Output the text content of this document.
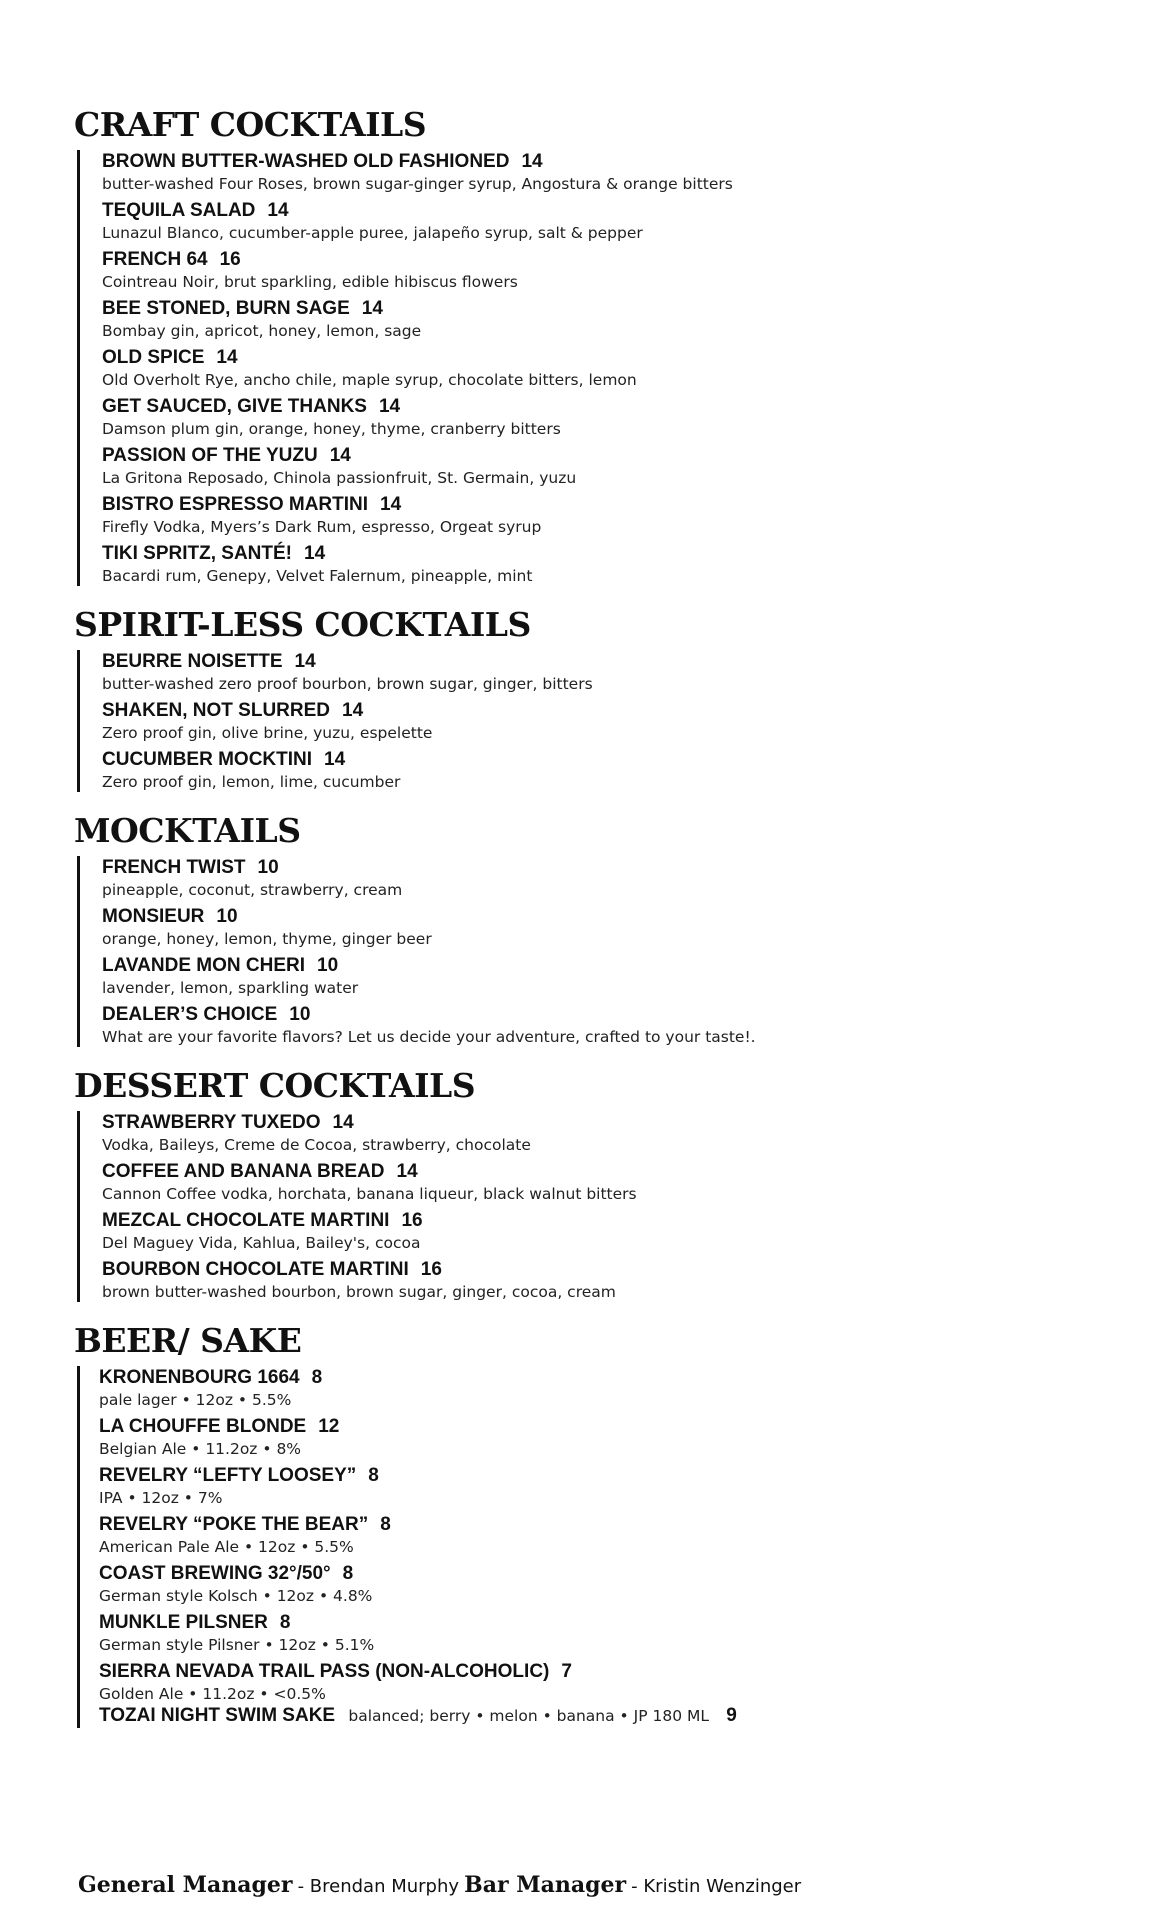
CRAFT COCKTAILS
BROWN BUTTER-WASHED OLD FASHIONED 14
butter-washed Four Roses, brown sugar-ginger syrup, Angostura & orange bitters
TEQUILA SALAD 14
Lunazul Blanco, cucumber-apple puree, jalapeño syrup, salt & pepper
FRENCH 64 16
Cointreau Noir, brut sparkling, edible hibiscus flowers
BEE STONED, BURN SAGE 14
Bombay gin, apricot, honey, lemon, sage
OLD SPICE 14
Old Overholt Rye, ancho chile, maple syrup, chocolate bitters, lemon
GET SAUCED, GIVE THANKS 14
Damson plum gin, orange, honey, thyme, cranberry bitters
PASSION OF THE YUZU 14
La Gritona Reposado, Chinola passionfruit, St. Germain, yuzu
BISTRO ESPRESSO MARTINI 14
Firefly Vodka, Myers’s Dark Rum, espresso, Orgeat syrup
TIKI SPRITZ, SANTÉ! 14
Bacardi rum, Genepy, Velvet Falernum, pineapple, mint
SPIRIT-LESS COCKTAILS
BEURRE NOISETTE 14
butter-washed zero proof bourbon, brown sugar, ginger, bitters
SHAKEN, NOT SLURRED 14
Zero proof gin, olive brine, yuzu, espelette
CUCUMBER MOCKTINI 14
Zero proof gin, lemon, lime, cucumber
MOCKTAILS
FRENCH TWIST 10
pineapple, coconut, strawberry, cream
MONSIEUR 10
orange, honey, lemon, thyme, ginger beer
LAVANDE MON CHERI 10
lavender, lemon, sparkling water
DEALER’S CHOICE 10
What are your favorite flavors? Let us decide your adventure, crafted to your taste!.
DESSERT COCKTAILS
STRAWBERRY TUXEDO 14
Vodka, Baileys, Creme de Cocoa, strawberry, chocolate
COFFEE AND BANANA BREAD 14
Cannon Coffee vodka, horchata, banana liqueur, black walnut bitters
MEZCAL CHOCOLATE MARTINI 16
Del Maguey Vida, Kahlua, Bailey's, cocoa
BOURBON CHOCOLATE MARTINI 16
brown butter-washed bourbon, brown sugar, ginger, cocoa, cream
BEER/ SAKE
KRONENBOURG 1664 8
pale lager • 12oz • 5.5%
LA CHOUFFE BLONDE 12
Belgian Ale • 11.2oz • 8%
REVELRY “LEFTY LOOSEY” 8
IPA • 12oz • 7%
REVELRY “POKE THE BEAR” 8
American Pale Ale • 12oz • 5.5%
COAST BREWING 32°/50° 8
German style Kolsch • 12oz • 4.8%
MUNKLE PILSNER 8
German style Pilsner • 12oz • 5.1%
SIERRA NEVADA TRAIL PASS (NON-ALCOHOLIC) 7
Golden Ale • 11.2oz • <0.5%
TOZAI NIGHT SWIM SAKE balanced; berry • melon • banana • JP 180 ML 9
General Manager - Brendan Murphy Bar Manager - Kristin Wenzinger
